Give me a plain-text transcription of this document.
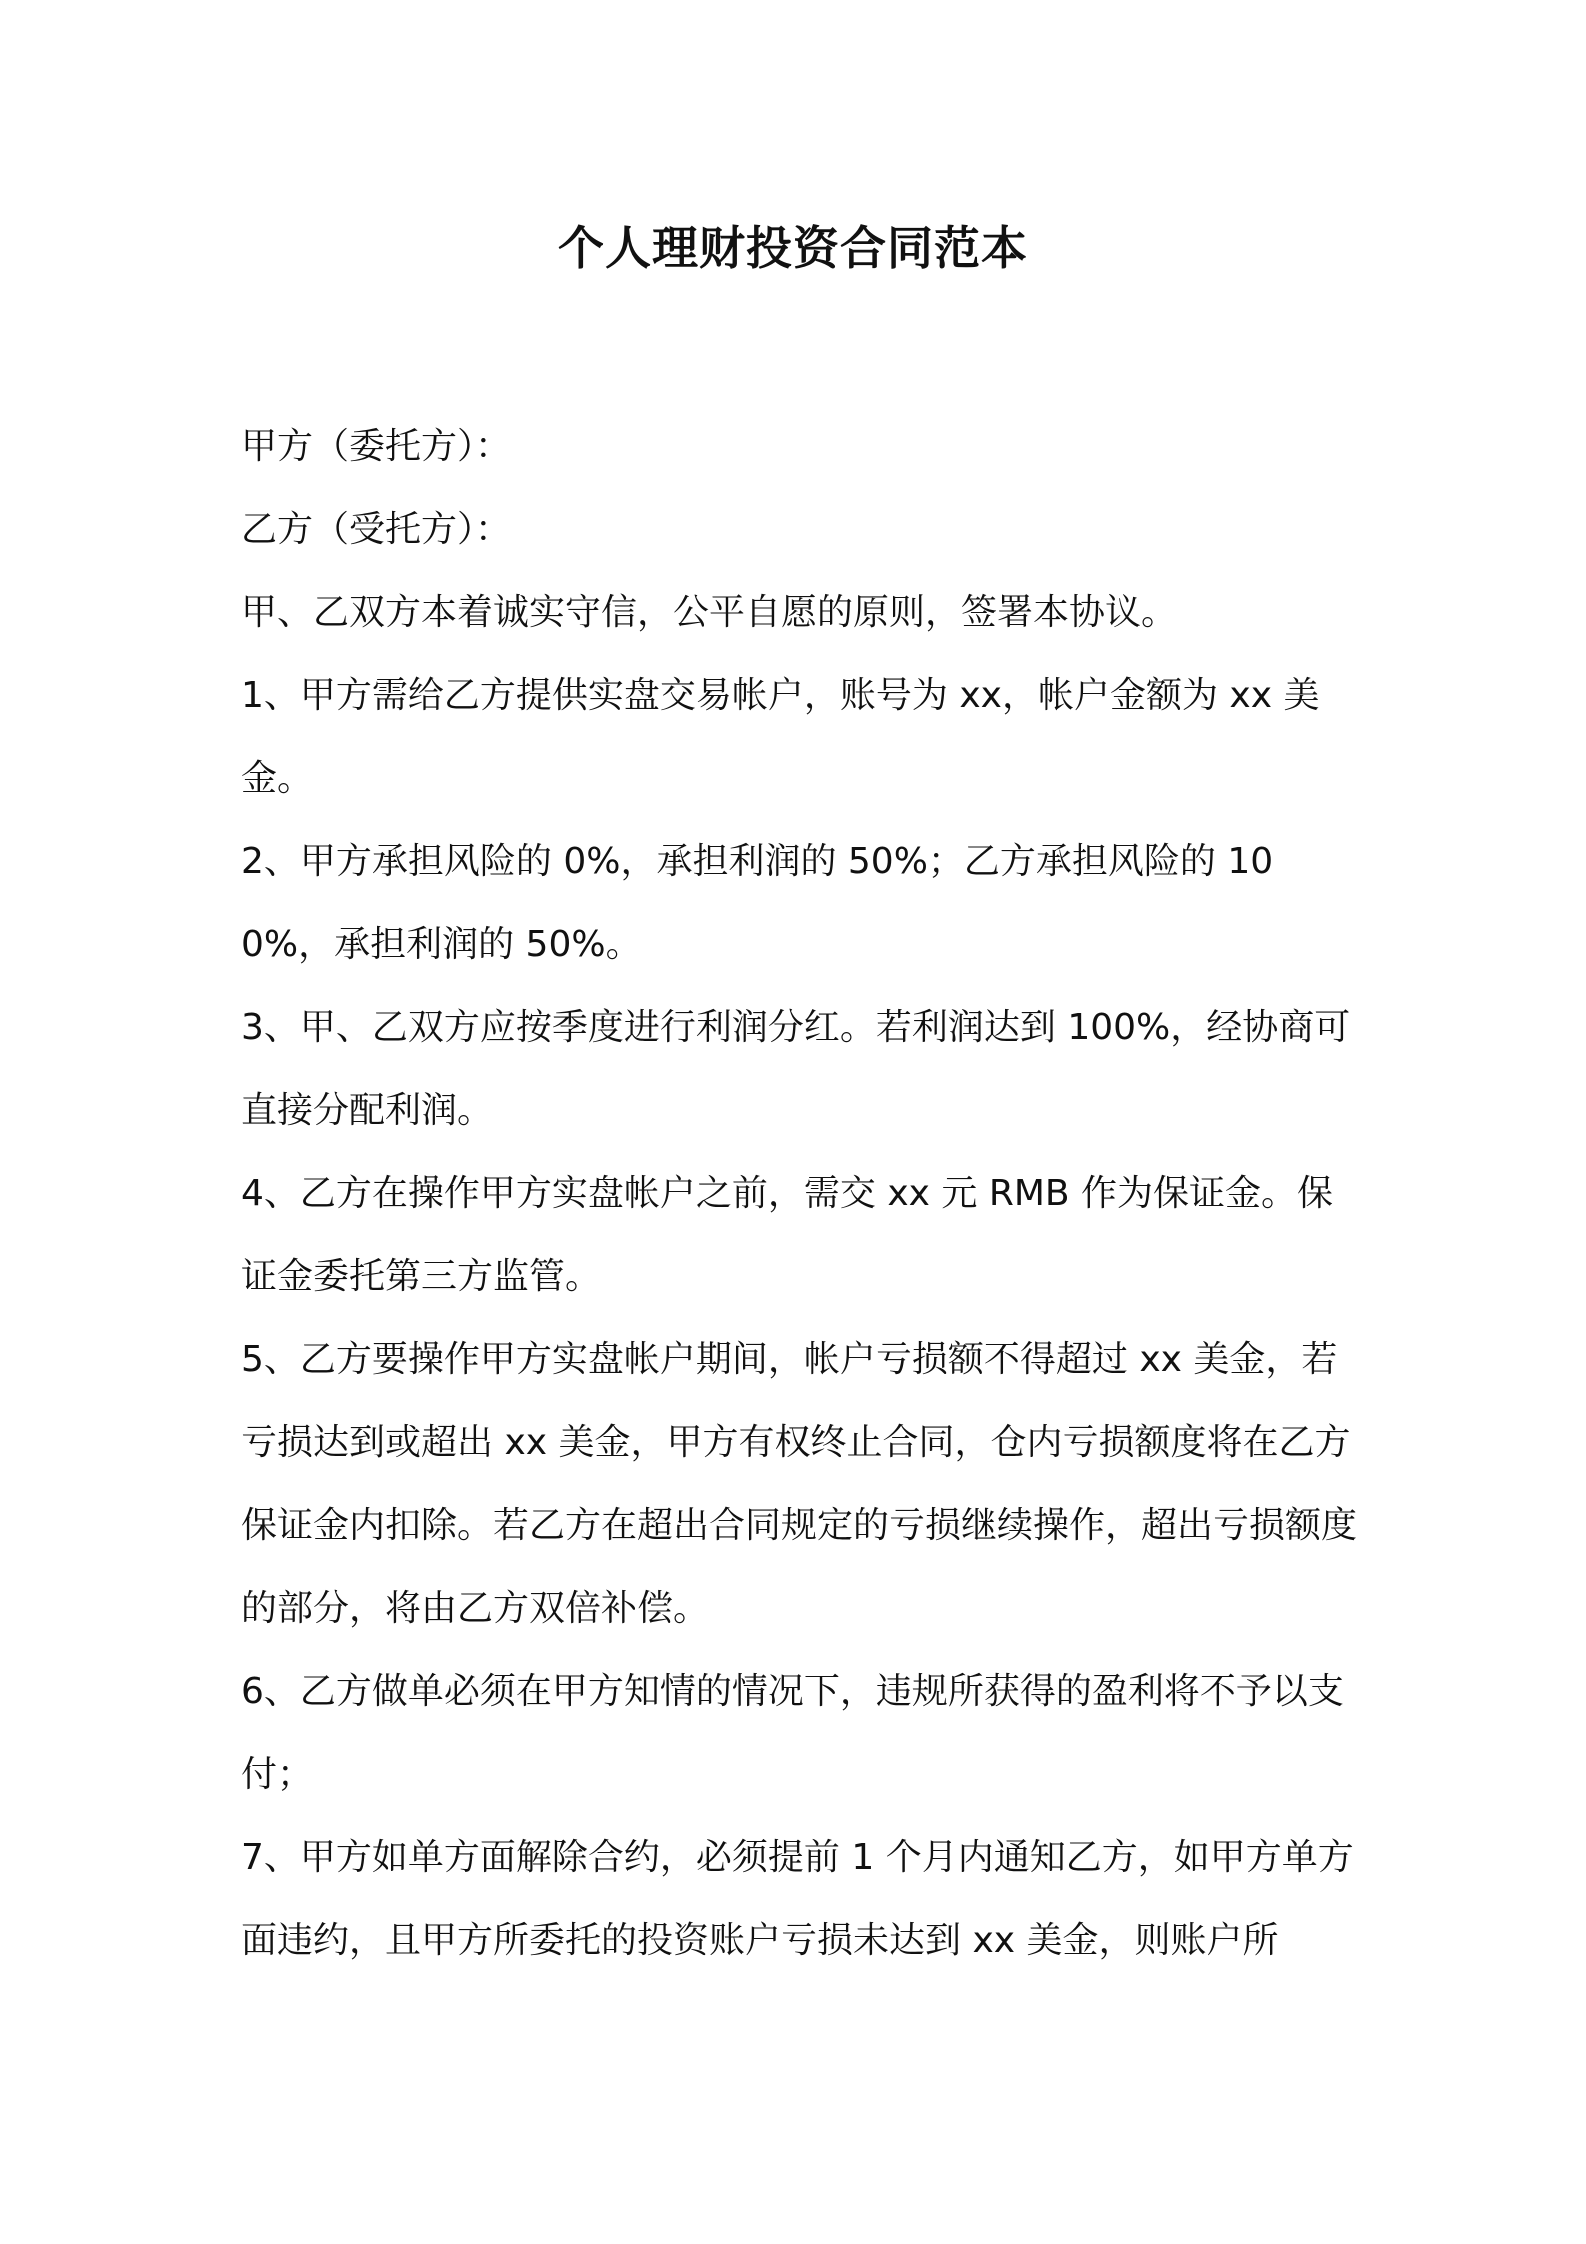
个人理财投资合同范本

甲方（委托方）：

乙方（受托方）：

甲、乙双方本着诚实守信，公平自愿的原则，签署本协议。

1、甲方需给乙方提供实盘交易帐户，账号为 xx，帐户金额为 xx 美金。

2、甲方承担风险的 0%，承担利润的 50%；乙方承担风险的 100%，承担利润的 50%。

3、甲、乙双方应按季度进行利润分红。若利润达到 100%，经协商可直接分配利润。

4、乙方在操作甲方实盘帐户之前，需交 xx 元 RMB 作为保证金。保证金委托第三方监管。

5、乙方要操作甲方实盘帐户期间，帐户亏损额不得超过 xx 美金，若亏损达到或超出 xx 美金，甲方有权终止合同，仓内亏损额度将在乙方保证金内扣除。若乙方在超出合同规定的亏损继续操作，超出亏损额度的部分，将由乙方双倍补偿。

6、乙方做单必须在甲方知情的情况下，违规所获得的盈利将不予以支付；

7、甲方如单方面解除合约，必须提前 1 个月内通知乙方，如甲方单方面违约，且甲方所委托的投资账户亏损未达到 xx 美金，则账户所
